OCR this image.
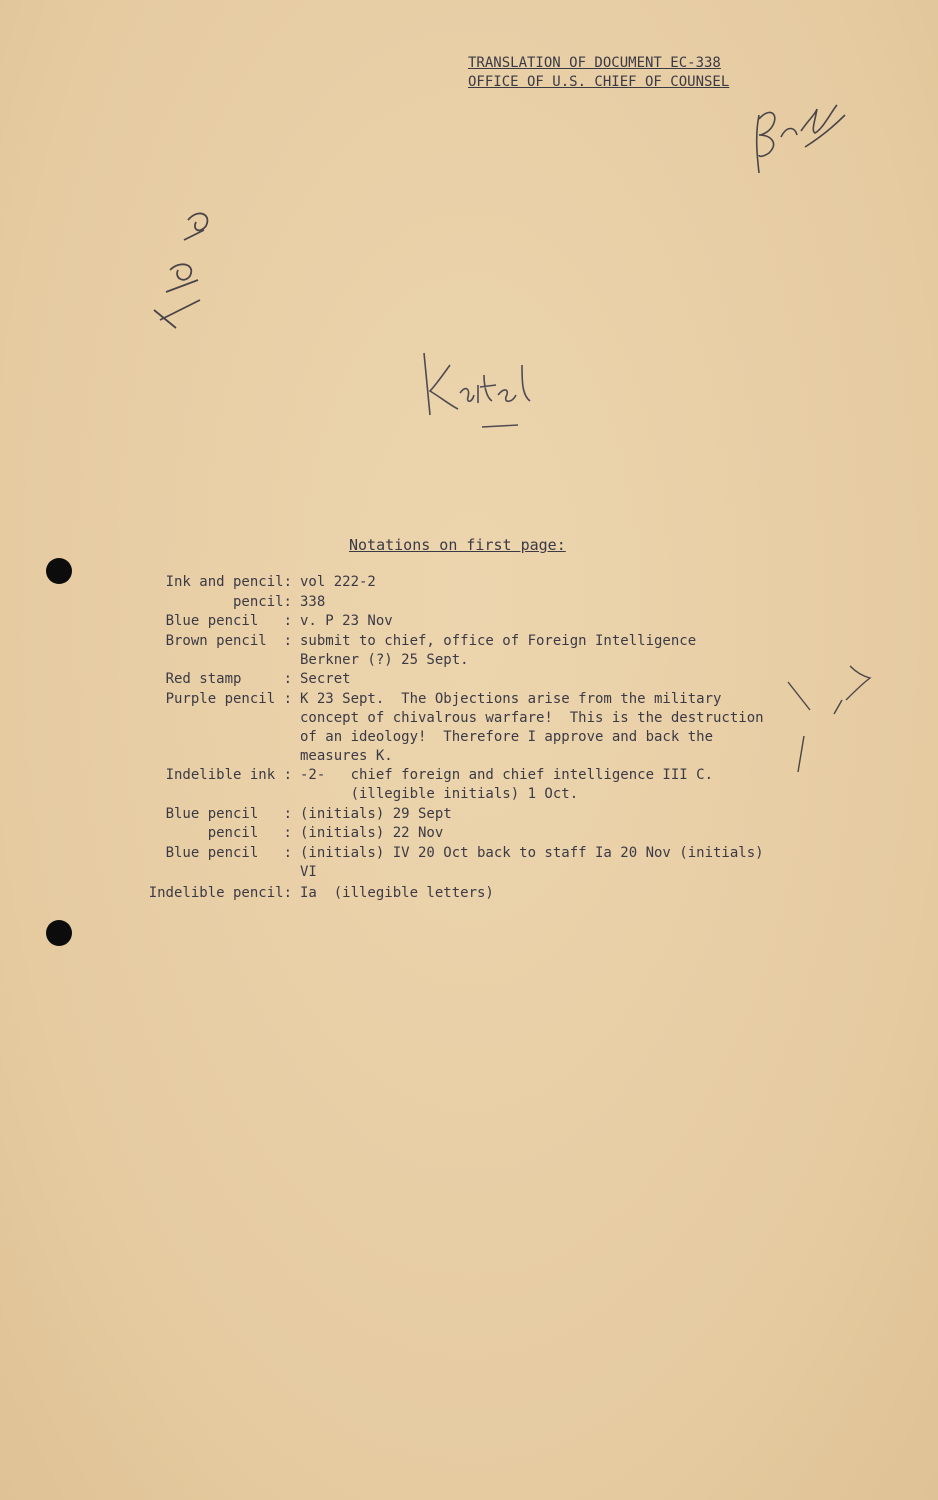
TRANSLATION OF DOCUMENT EC-338
OFFICE OF U.S. CHIEF OF COUNSEL
Notations on first page:
Ink and pencil: vol 222-2
pencil: 338
Blue pencil   : v. P 23 Nov
Brown pencil  : submit to chief, office of Foreign Intelligence
Berkner (?) 25 Sept.
Red stamp     : Secret
Purple pencil : K 23 Sept.  The Objections arise from the military
concept of chivalrous warfare!  This is the destruction
of an ideology!  Therefore I approve and back the
measures K.
Indelible ink : -2-   chief foreign and chief intelligence III C.
(illegible initials) 1 Oct.
Blue pencil   : (initials) 29 Sept
pencil   : (initials) 22 Nov
Blue pencil   : (initials) IV 20 Oct back to staff Ia 20 Nov (initials)
VI
Indelible pencil: Ia  (illegible letters)
